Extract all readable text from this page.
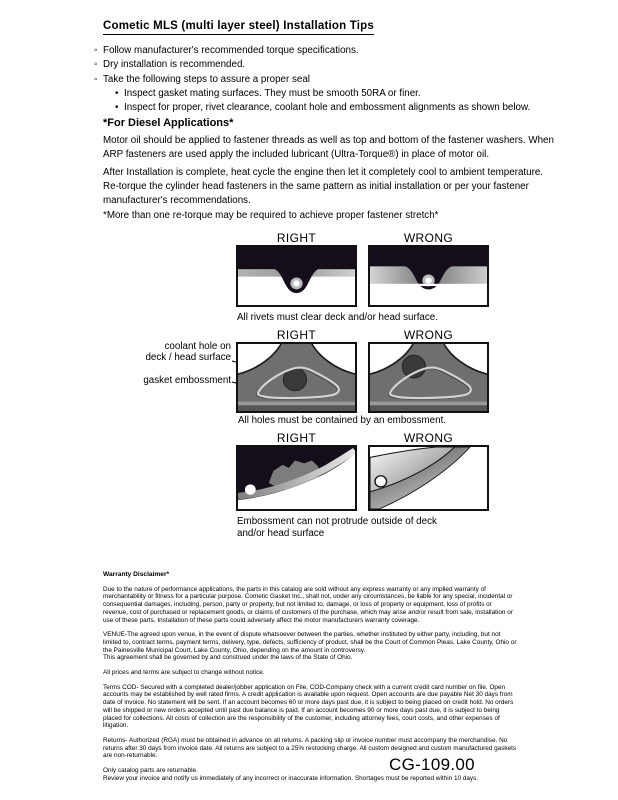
Cometic MLS (multi layer steel) Installation Tips
◦ Follow manufacturer's recommended torque specifications.
◦ Dry installation is recommended.
◦ Take the following steps to assure a proper seal
• Inspect gasket mating surfaces. They must be smooth 50RA or finer.
• Inspect for proper, rivet clearance, coolant hole and embossment alignments as shown below.
*For Diesel Applications*
Motor oil should be applied to fastener threads as well as top and bottom of the fastener washers. When ARP fasteners are used apply the included lubricant (Ultra-Torque®) in place of motor oil.
After Installation is complete, heat cycle the engine then let it completely cool to ambient temperature. Re-torque the cylinder head fasteners in the same pattern as initial installation or per your fastener manufacturer's recommendations.
*More than one re-torque may be required to achieve proper fastener stretch*
RIGHT	WRONG
All rivets must clear deck and/or head surface.
coolant hole on
deck / head surface
gasket embossment
RIGHT	WRONG
All holes must be contained by an embossment.
RIGHT	WRONG
Embossment can not protrude outside of deck
and/or head surface

Warranty Disclaimer*

Due to the nature of performance applications, the parts in this catalog are sold without any express warranty or any implied warranty of merchantability or fitness for a particular purpose. Cometic Gasket Inc., shall not, under any circumstances, be liable for any special, incidental or consequential damages, including, person, party or property, but not limited to, damage, or loss of property or equipment, loss of profits or revenue, cost of purchased or replacement goods, or claims of customers of the purchase, which may arise and/or result from sale, installation or use of these parts. Installation of these parts could adversely affect the motor manufacturers warranty coverage.

VENUE-The agreed upon venue, in the event of dispute whatsoever between the parties, whether instituted by either party, including, but not limited to, contract terms, payment terms, delivery, type, defects, sufficiency of product, shall be the Court of Common Pleas, Lake County, Ohio or the Painesville Municipal Court, Lake County, Ohio, depending on the amount in controversy.

This agreement shall be governed by and construed under the laws of the State of Ohio.

All prices and terms are subject to change without notice.

Terms COD- Secured with a completed dealer/jobber application on File, COD-Company check with a current credit card number on file. Open accounts may be established by well rated firms. A credit application is available upon request. Open accounts are due payable Net 30 days from date of invoice. No statement will be sent. If an account becomes 60 or more days past due, it is subject to being placed on credit hold. No orders will be shipped or new orders accepted until past due balance is paid. If an account becomes 90 or more days past due, it is subject to being placed for collections. All costs of collection are the responsibility of the customer, including attorney fees, court costs, and other expenses of litigation.

Returns- Authorized (RGA) must be obtained in advance on all returns. A packing slip or invoice number must accompany the merchandise. No returns after 30 days from invoice date. All returns are subject to a 25% restocking charge. All custom designed and custom manufactured gaskets are non-returnable.

Only catalog parts are returnable.

Review your invoice and notify us immediately of any incorrect or inaccurate information. Shortages must be reported within 10 days.

CG-109.00
